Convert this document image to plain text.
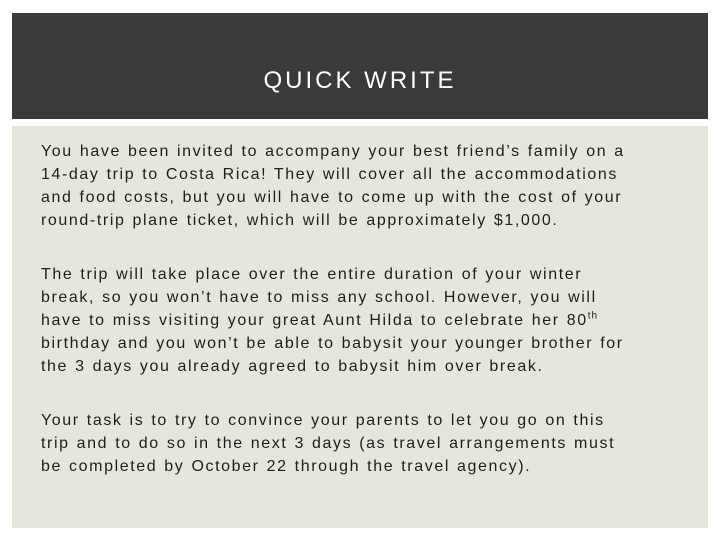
QUICK WRITE

You have been invited to accompany your best friend’s family on a
14-day trip to Costa Rica! They will cover all the accommodations
and food costs, but you will have to come up with the cost of your
round-trip plane ticket, which will be approximately $1,000.

The trip will take place over the entire duration of your winter
break, so you won’t have to miss any school. However, you will
have to miss visiting your great Aunt Hilda to celebrate her 80th
birthday and you won’t be able to babysit your younger brother for
the 3 days you already agreed to babysit him over break.

Your task is to try to convince your parents to let you go on this
trip and to do so in the next 3 days (as travel arrangements must
be completed by October 22 through the travel agency).
